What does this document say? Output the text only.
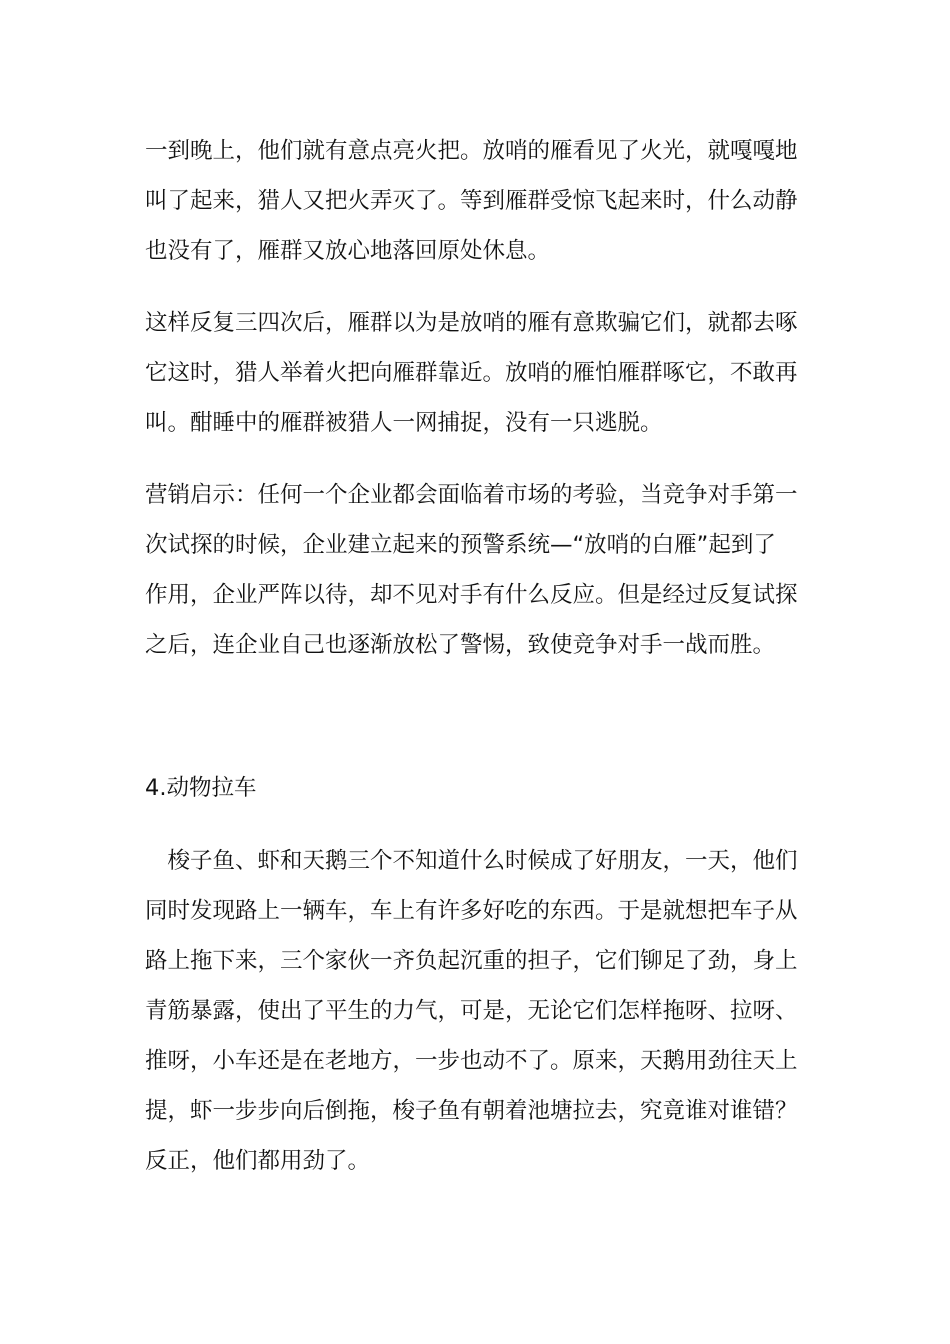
一到晚上，他们就有意点亮火把。放哨的雁看见了火光，就嘎嘎地
叫了起来，猎人又把火弄灭了。等到雁群受惊飞起来时，什么动静
也没有了，雁群又放心地落回原处休息。

这样反复三四次后，雁群以为是放哨的雁有意欺骗它们，就都去啄
它这时，猎人举着火把向雁群靠近。放哨的雁怕雁群啄它，不敢再
叫。酣睡中的雁群被猎人一网捕捉，没有一只逃脱。

营销启示：任何一个企业都会面临着市场的考验，当竞争对手第一
次试探的时候，企业建立起来的预警系统—“放哨的白雁”起到了
作用，企业严阵以待，却不见对手有什么反应。但是经过反复试探
之后，连企业自己也逐渐放松了警惕，致使竞争对手一战而胜。

4.动物拉车

　梭子鱼、虾和天鹅三个不知道什么时候成了好朋友，一天，他们
同时发现路上一辆车，车上有许多好吃的东西。于是就想把车子从
路上拖下来，三个家伙一齐负起沉重的担子，它们铆足了劲，身上
青筋暴露，使出了平生的力气，可是，无论它们怎样拖呀、拉呀、
推呀，小车还是在老地方，一步也动不了。原来，天鹅用劲往天上
提，虾一步步向后倒拖，梭子鱼有朝着池塘拉去，究竟谁对谁错？
反正，他们都用劲了。
